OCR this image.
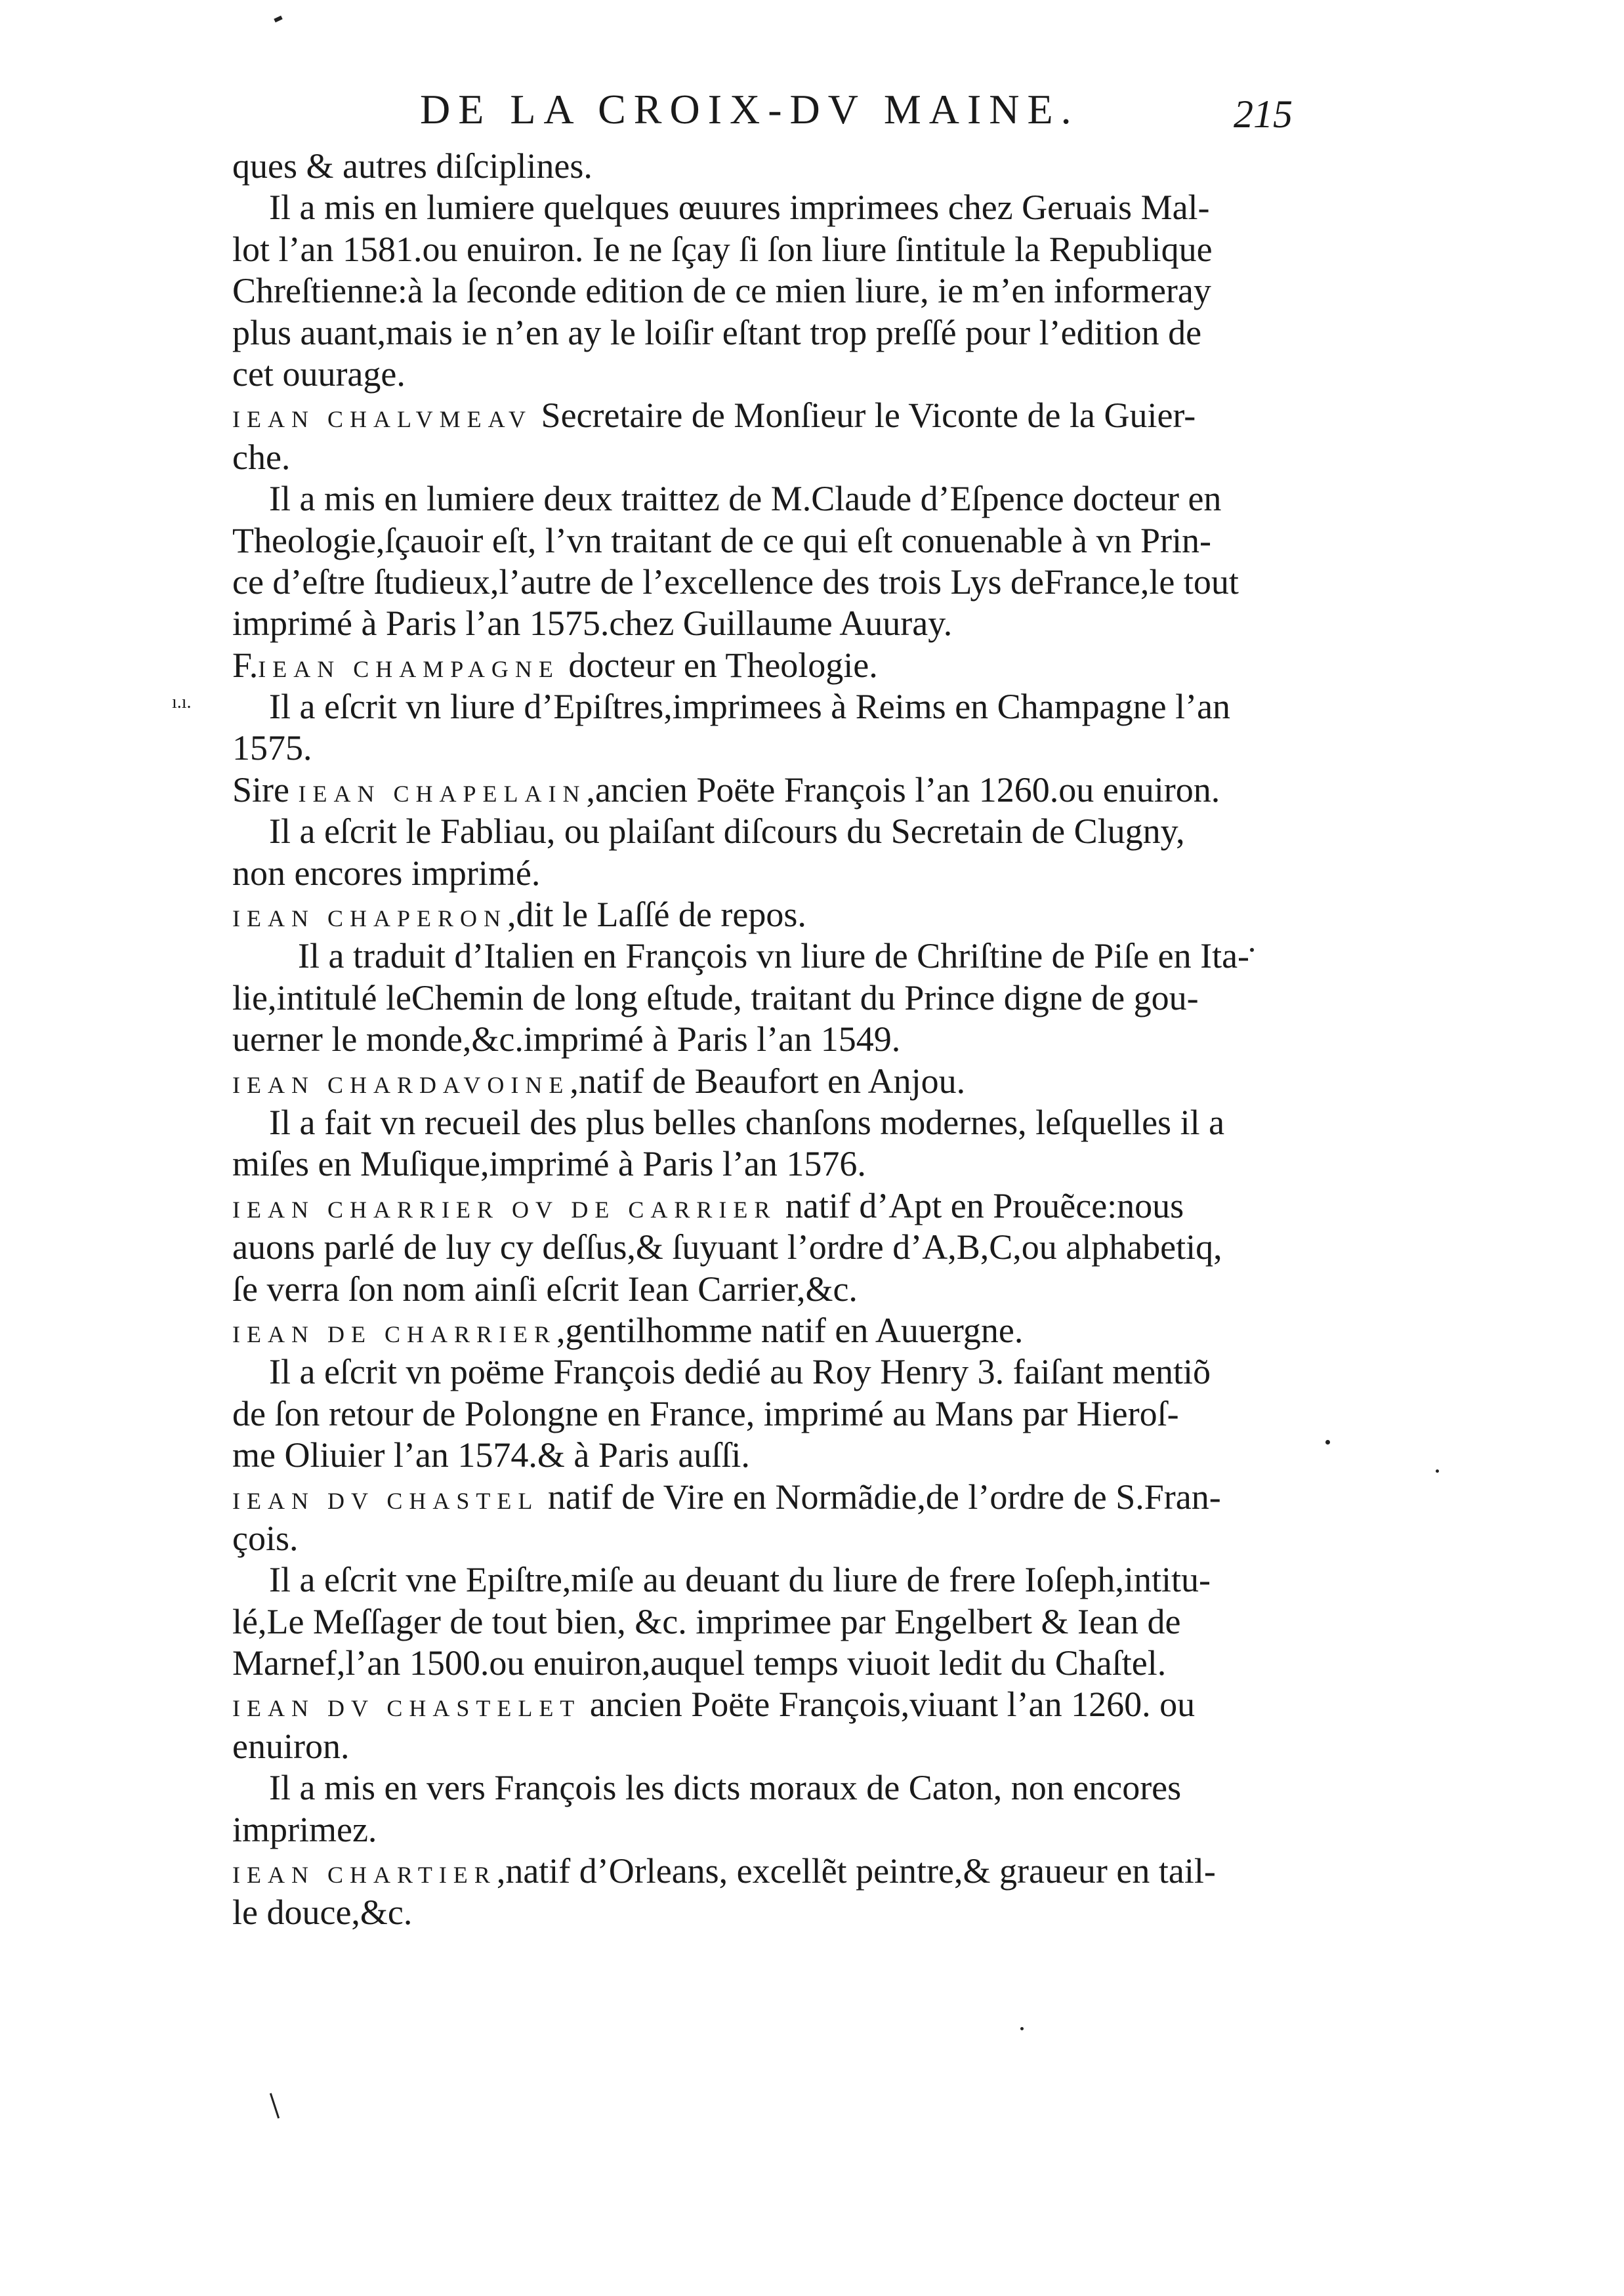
DE LA CROIX-DV MAINE.	215
ı.ı.
ques & autres diſciplines.
Il a mis en lumiere quelques œuures imprimees chez Geruais Mal-
lot l’an 1581.ou enuiron. Ie ne ſçay ſi ſon liure ſintitule la Republique
Chreſtienne:à la ſeconde edition de ce mien liure, ie m’en informeray
plus auant,mais ie n’en ay le loiſir eſtant trop preſſé pour l’edition de
cet ouurage.
IEAN CHALVMEAV Secretaire de Monſieur le Viconte de la Guier-
che.
Il a mis en lumiere deux traittez de M.Claude d’Eſpence docteur en
Theologie,ſçauoir eſt, l’vn traitant de ce qui eſt conuenable à vn Prin-
ce d’eſtre ſtudieux,l’autre de l’excellence des trois Lys deFrance,le tout
imprimé à Paris l’an 1575.chez Guillaume Auuray.
F.IEAN CHAMPAGNE docteur en Theologie.
Il a eſcrit vn liure d’Epiſtres,imprimees à Reims en Champagne l’an
1575.
Sire IEAN CHAPELAIN,ancien Poëte François l’an 1260.ou enuiron.
Il a eſcrit le Fabliau, ou plaiſant diſcours du Secretain de Clugny,
non encores imprimé.
IEAN CHAPERON,dit le Laſſé de repos.
Il a traduit d’Italien en François vn liure de Chriſtine de Piſe en Ita-
lie,intitulé leChemin de long eſtude, traitant du Prince digne de gou-
uerner le monde,&c.imprimé à Paris l’an 1549.
IEAN CHARDAVOINE,natif de Beaufort en Anjou.
Il a fait vn recueil des plus belles chanſons modernes, leſquelles il a
miſes en Muſique,imprimé à Paris l’an 1576.
IEAN CHARRIER OV DE CARRIER natif d’Apt en Prouẽce:nous
auons parlé de luy cy deſſus,& ſuyuant l’ordre d’A,B,C,ou alphabetiq,
ſe verra ſon nom ainſi eſcrit Iean Carrier,&c.
IEAN DE CHARRIER,gentilhomme natif en Auuergne.
Il a eſcrit vn poëme François dedié au Roy Henry 3. faiſant mentiõ
de ſon retour de Polongne en France, imprimé au Mans par Hieroſ-
me Oliuier l’an 1574.& à Paris auſſi.
IEAN DV CHASTEL natif de Vire en Normãdie,de l’ordre de S.Fran-
çois.
Il a eſcrit vne Epiſtre,miſe au deuant du liure de frere Ioſeph,intitu-
lé,Le Meſſager de tout bien, &c. imprimee par Engelbert & Iean de
Marnef,l’an 1500.ou enuiron,auquel temps viuoit ledit du Chaſtel.
IEAN DV CHASTELET ancien Poëte François,viuant l’an 1260. ou
enuiron.
Il a mis en vers François les dicts moraux de Caton, non encores
imprimez.
IEAN CHARTIER,natif d’Orleans, excellẽt peintre,& graueur en tail-
le douce,&c.
